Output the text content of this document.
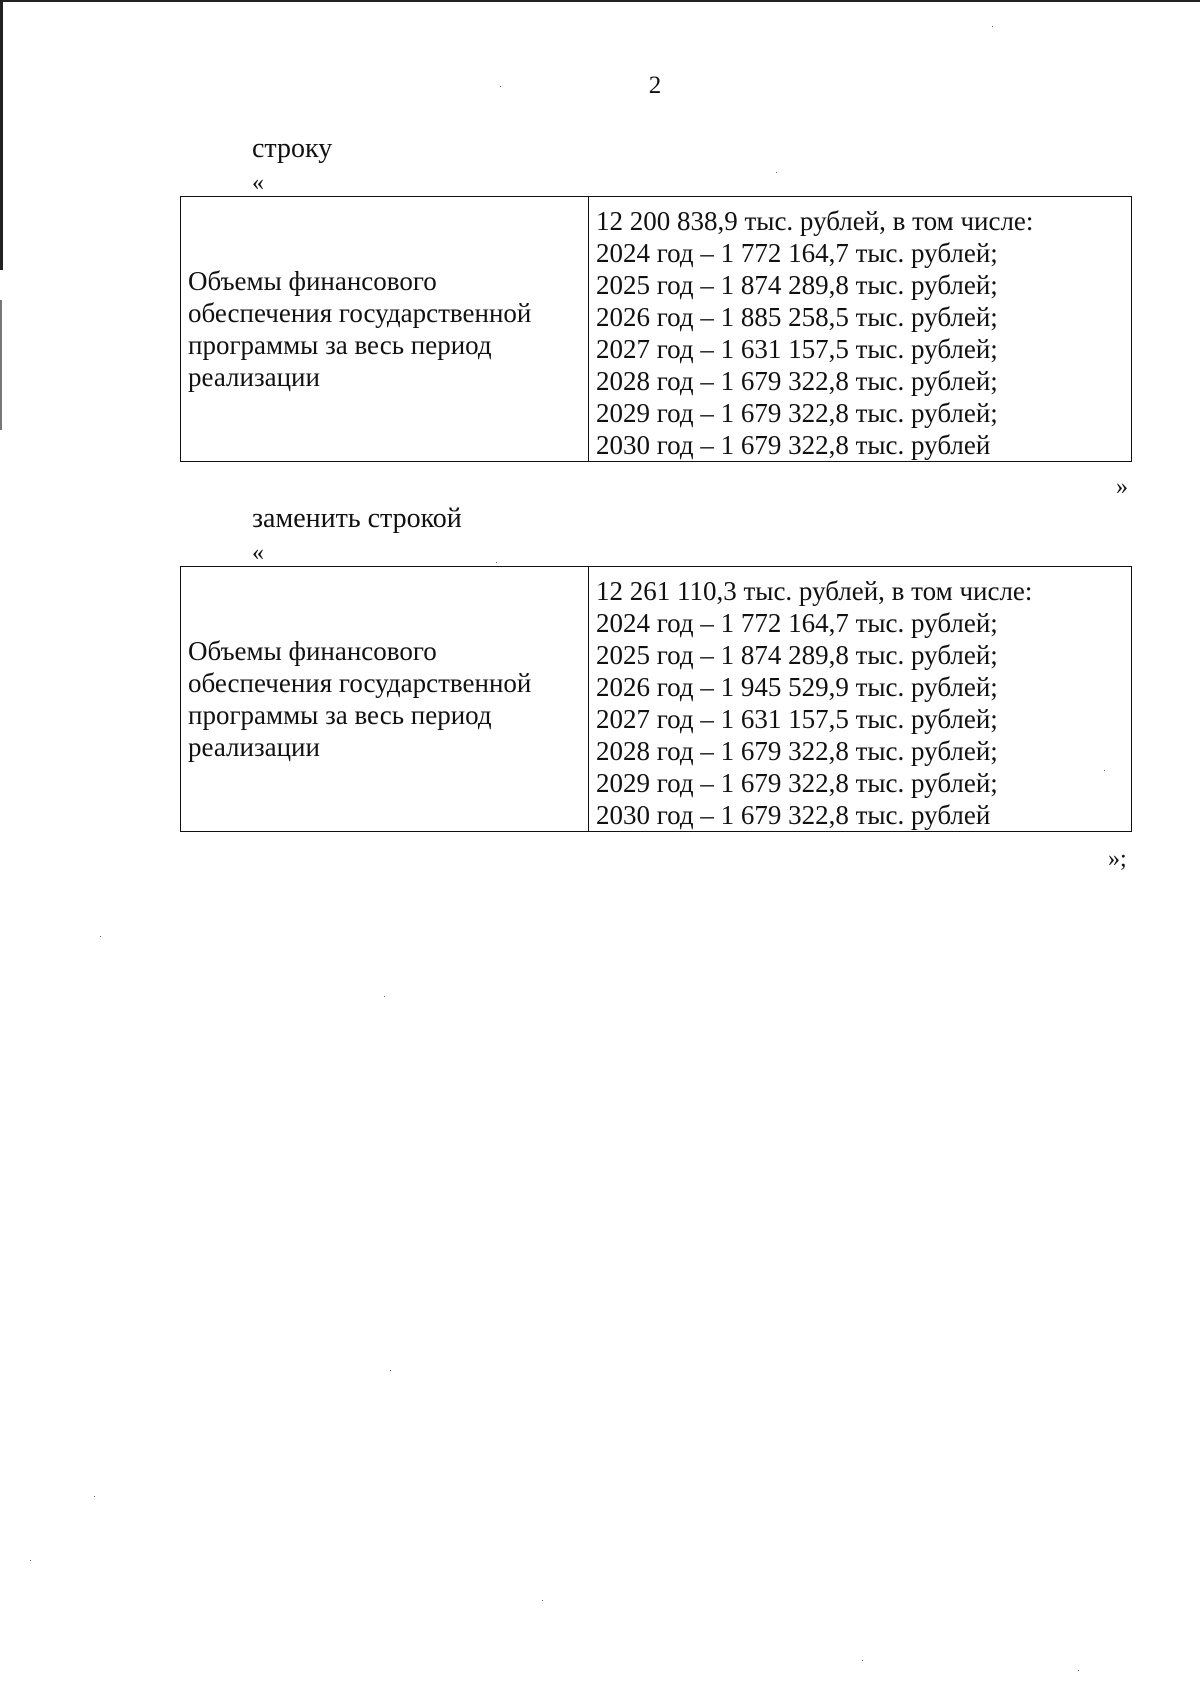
2
строку
«
Объемы финансового
обеспечения государственной
программы за весь период
реализации

12 200 838,9 тыс. рублей, в том числе:
2024 год – 1 772 164,7 тыс. рублей;
2025 год – 1 874 289,8 тыс. рублей;
2026 год – 1 885 258,5 тыс. рублей;
2027 год – 1 631 157,5 тыс. рублей;
2028 год – 1 679 322,8 тыс. рублей;
2029 год – 1 679 322,8 тыс. рублей;
2030 год – 1 679 322,8 тыс. рублей
»
заменить строкой
«
Объемы финансового
обеспечения государственной
программы за весь период
реализации

12 261 110,3 тыс. рублей, в том числе:
2024 год – 1 772 164,7 тыс. рублей;
2025 год – 1 874 289,8 тыс. рублей;
2026 год – 1 945 529,9 тыс. рублей;
2027 год – 1 631 157,5 тыс. рублей;
2028 год – 1 679 322,8 тыс. рублей;
2029 год – 1 679 322,8 тыс. рублей;
2030 год – 1 679 322,8 тыс. рублей
»;
